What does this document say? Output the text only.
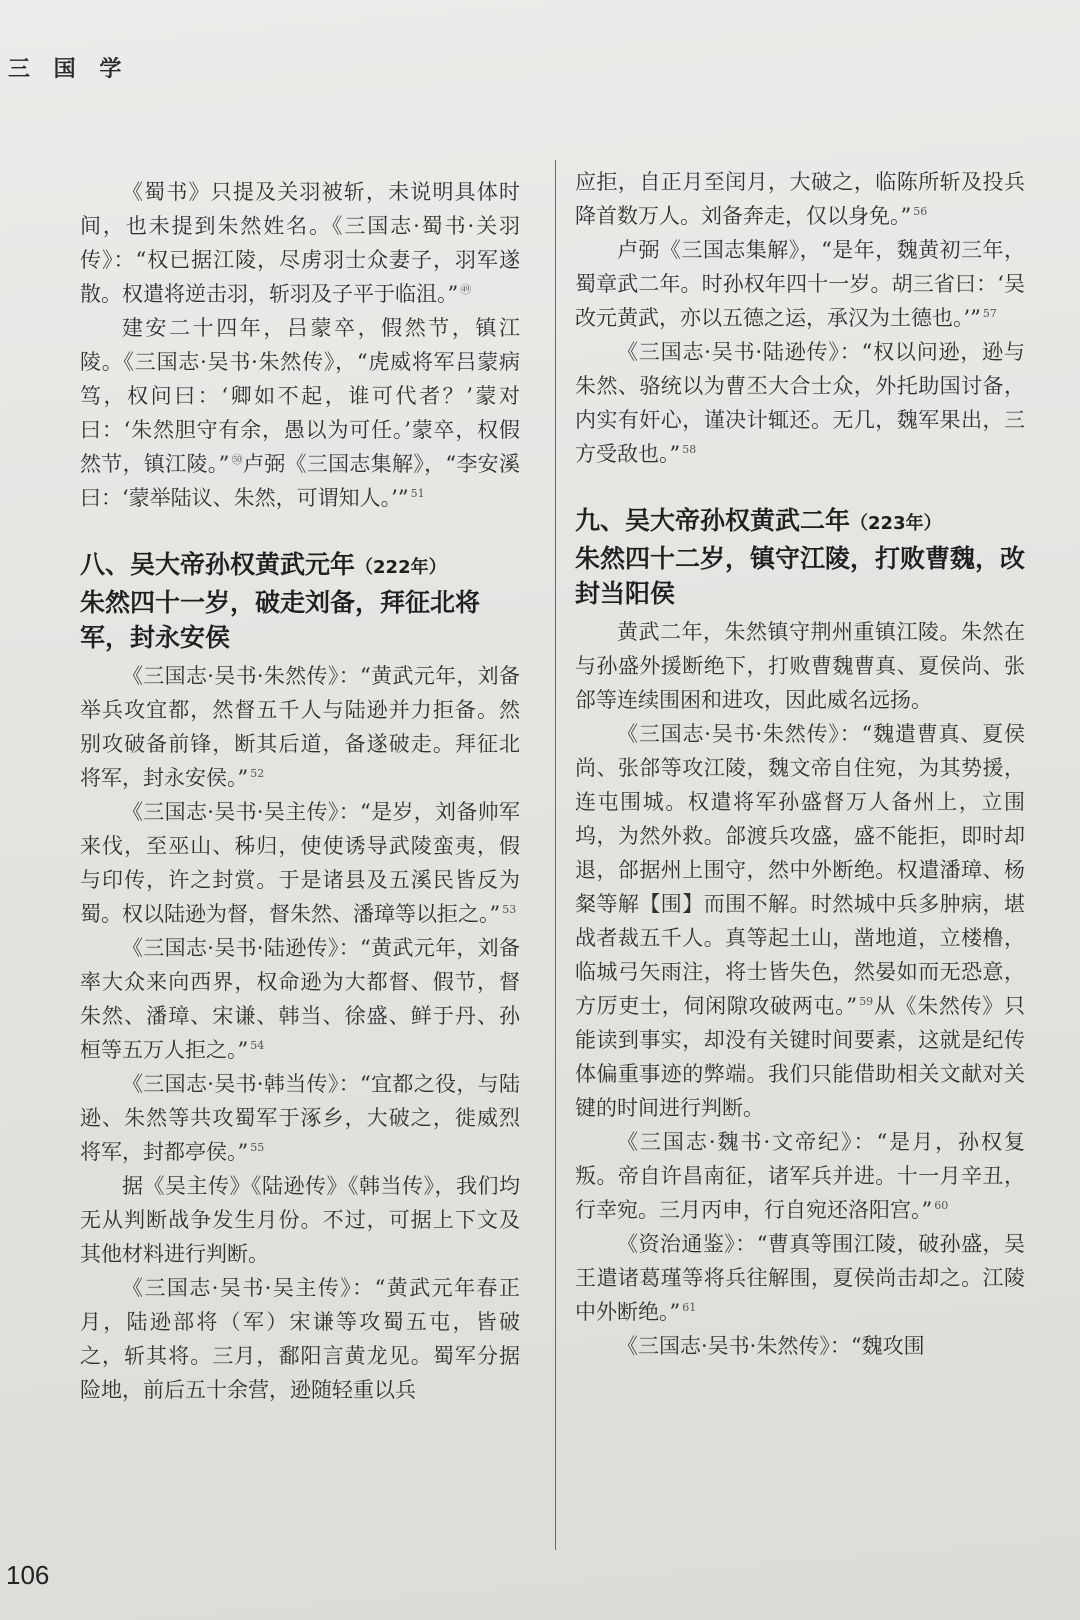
三 国 学

《蜀书》只提及关羽被斩，未说明具体时间，也未提到朱然姓名。《三国志·蜀书·关羽传》：“权已据江陵，尽虏羽士众妻子，羽军遂散。权遣将逆击羽，斩羽及子平于临沮。” $^㊾$

建安二十四年，吕蒙卒，假然节，镇江陵。《三国志·吴书·朱然传》，“虎威将军吕蒙病笃，权问曰：‘卿如不起，谁可代者？’蒙对曰：‘朱然胆守有余，愚以为可任。’蒙卒，权假然节，镇江陵。” $^㊿$卢弼《三国志集解》，“李安溪曰：‘蒙举陆议、朱然，可谓知人。’” $^{51}$

八、吴大帝孙权黄武元年（222年）
朱然四十一岁，破走刘备，拜征北将军，封永安侯

《三国志·吴书·朱然传》：“黄武元年，刘备举兵攻宜都，然督五千人与陆逊并力拒备。然别攻破备前锋，断其后道，备遂破走。拜征北将军，封永安侯。” $^{52}$

《三国志·吴书·吴主传》：“是岁，刘备帅军来伐，至巫山、秭归，使使诱导武陵蛮夷，假与印传，许之封赏。于是诸县及五溪民皆反为蜀。权以陆逊为督，督朱然、潘璋等以拒之。” $^{53}$

《三国志·吴书·陆逊传》：“黄武元年，刘备率大众来向西界，权命逊为大都督、假节，督朱然、潘璋、宋谦、韩当、徐盛、鲜于丹、孙桓等五万人拒之。” $^{54}$

《三国志·吴书·韩当传》：“宜都之役，与陆逊、朱然等共攻蜀军于涿乡，大破之，徙威烈将军，封都亭侯。” $^{55}$

据《吴主传》《陆逊传》《韩当传》，我们均无从判断战争发生月份。不过，可据上下文及其他材料进行判断。

《三国志·吴书·吴主传》：“黄武元年春正月，陆逊部将（军）宋谦等攻蜀五屯，皆破之，斩其将。三月，鄱阳言黄龙见。蜀军分据险地，前后五十余营，逊随轻重以兵

应拒，自正月至闰月，大破之，临陈所斩及投兵降首数万人。刘备奔走，仅以身免。” $^{56}$

卢弼《三国志集解》，“是年，魏黄初三年，蜀章武二年。时孙权年四十一岁。胡三省曰：‘吴改元黄武，亦以五德之运，承汉为土德也。’” $^{57}$

《三国志·吴书·陆逊传》：“权以问逊，逊与朱然、骆统以为曹丕大合士众，外托助国讨备，内实有奸心，谨决计辄还。无几，魏军果出，三方受敌也。” $^{58}$

九、吴大帝孙权黄武二年（223年）
朱然四十二岁，镇守江陵，打败曹魏，改封当阳侯

黄武二年，朱然镇守荆州重镇江陵。朱然在与孙盛外援断绝下，打败曹魏曹真、夏侯尚、张郃等连续围困和进攻，因此威名远扬。

《三国志·吴书·朱然传》：“魏遣曹真、夏侯尚、张郃等攻江陵，魏文帝自住宛，为其势援，连屯围城。权遣将军孙盛督万人备州上，立围坞，为然外救。郃渡兵攻盛，盛不能拒，即时却退，郃据州上围守，然中外断绝。权遣潘璋、杨粲等解【围】而围不解。时然城中兵多肿病，堪战者裁五千人。真等起土山，凿地道，立楼橹，临城弓矢雨注，将士皆失色，然晏如而无恐意，方厉吏士，伺闲隙攻破两屯。” $^{59}$从《朱然传》只能读到事实，却没有关键时间要素，这就是纪传体偏重事迹的弊端。我们只能借助相关文献对关键的时间进行判断。

《三国志·魏书·文帝纪》：“是月，孙权复叛。帝自许昌南征，诸军兵并进。十一月辛丑，行幸宛。三月丙申，行自宛还洛阳宫。” $^{60}$

《资治通鉴》：“曹真等围江陵，破孙盛，吴王遣诸葛瑾等将兵往解围，夏侯尚击却之。江陵中外断绝。” $^{61}$

《三国志·吴书·朱然传》：“魏攻围

106
